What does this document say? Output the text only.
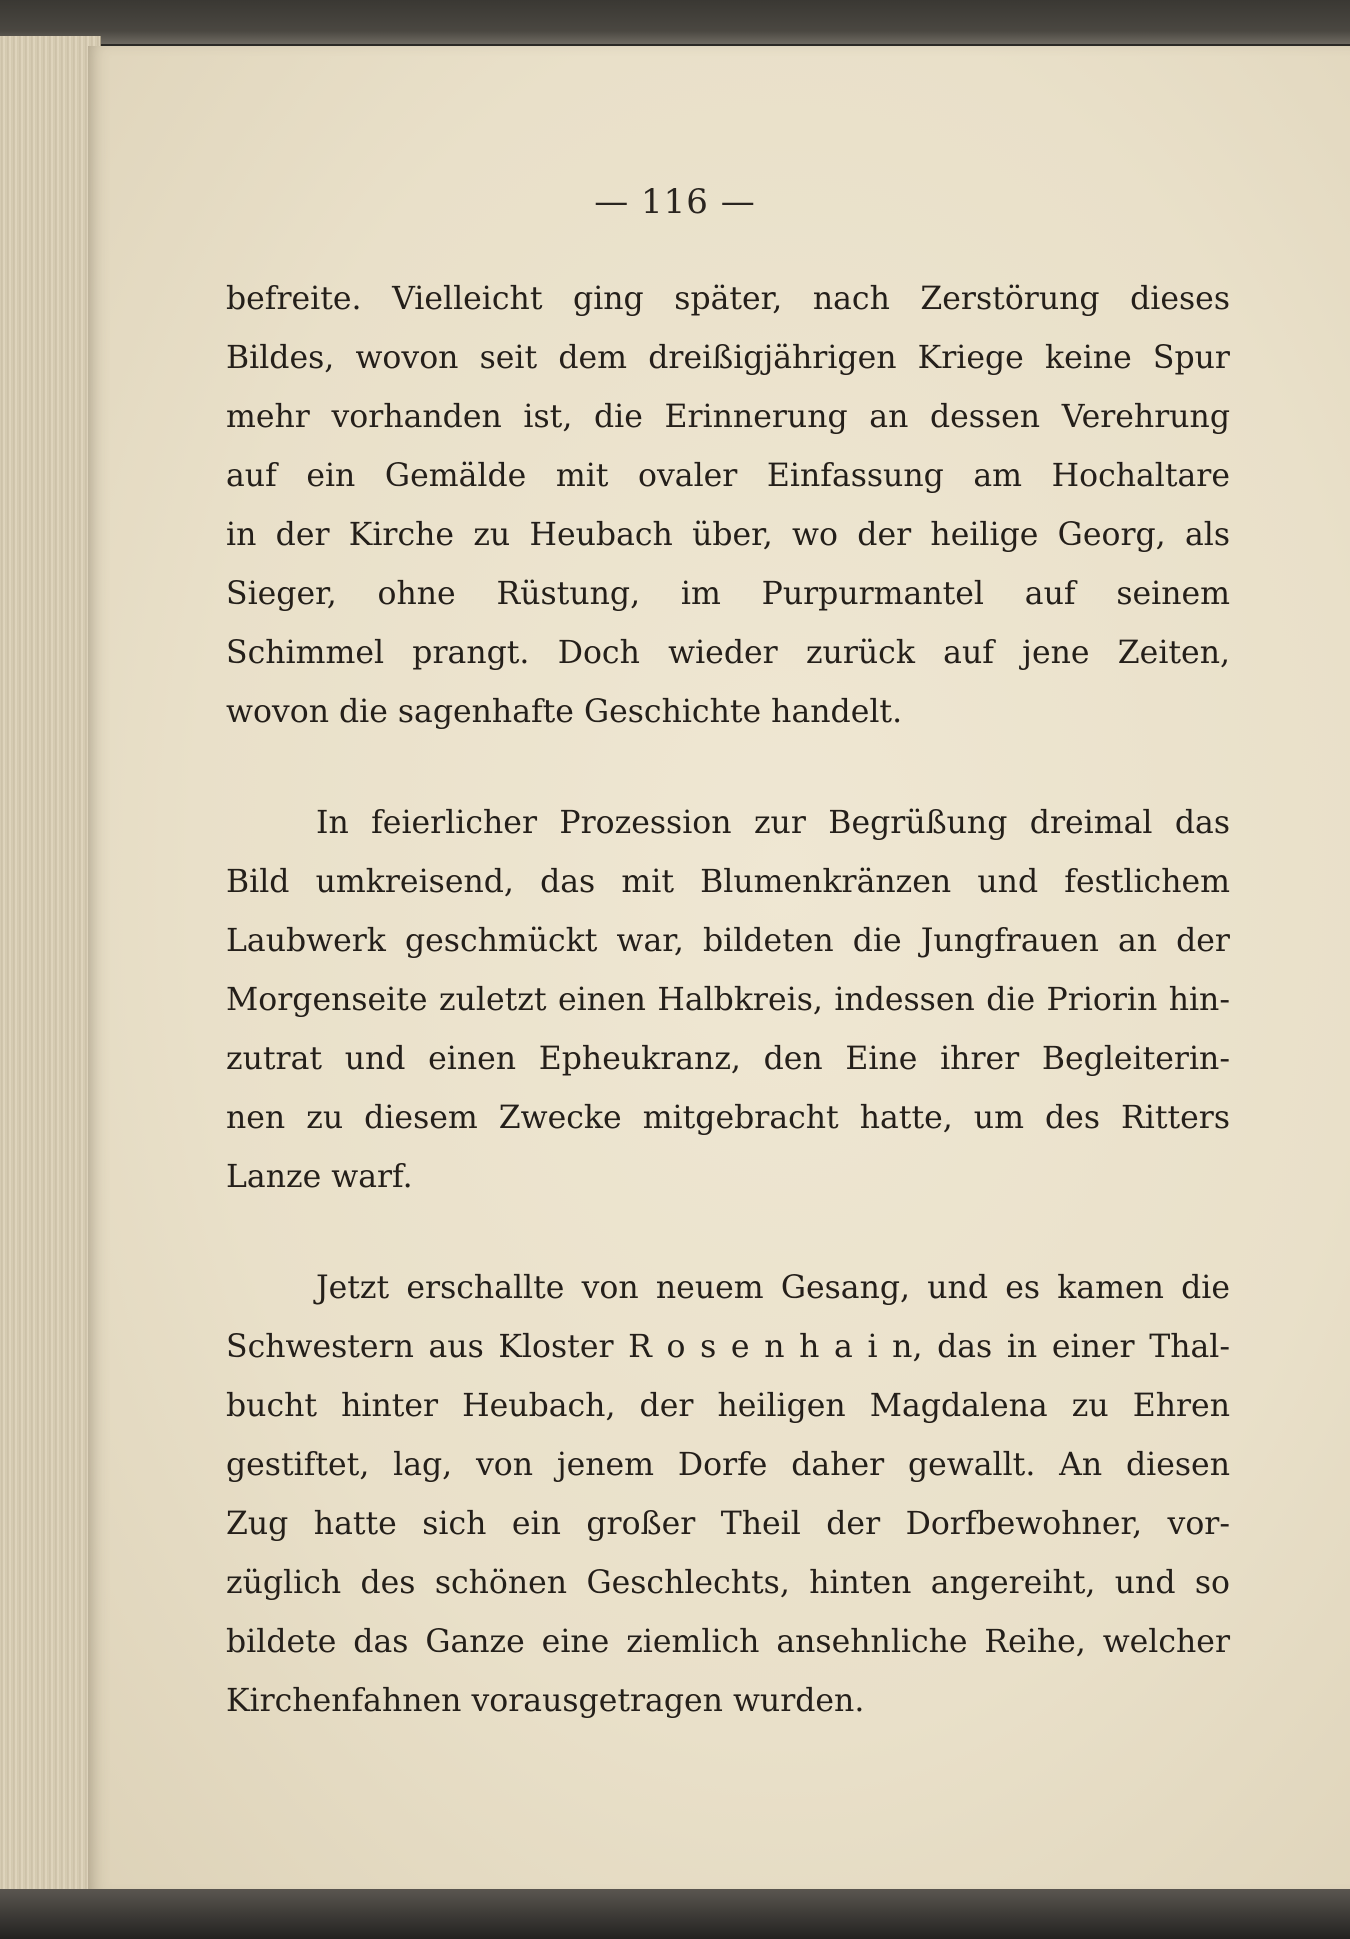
— 116 —
befreite. Vielleicht ging später, nach Zerstörung dieses
Bildes, wovon seit dem dreißigjährigen Kriege keine Spur
mehr vorhanden ist, die Erinnerung an dessen Verehrung
auf ein Gemälde mit ovaler Einfassung am Hochaltare
in der Kirche zu Heubach über, wo der heilige Georg, als
Sieger, ohne Rüstung, im Purpurmantel auf seinem
Schimmel prangt. Doch wieder zurück auf jene Zeiten,
wovon die sagenhafte Geschichte handelt.
In feierlicher Prozession zur Begrüßung dreimal das
Bild umkreisend, das mit Blumenkränzen und festlichem
Laubwerk geschmückt war, bildeten die Jungfrauen an der
Morgenseite zuletzt einen Halbkreis, indessen die Priorin hin-
zutrat und einen Epheukranz, den Eine ihrer Begleiterin-
nen zu diesem Zwecke mitgebracht hatte, um des Ritters
Lanze warf.
Jetzt erschallte von neuem Gesang, und es kamen die
Schwestern aus Kloster R o s e n h a i n, das in einer Thal-
bucht hinter Heubach, der heiligen Magdalena zu Ehren
gestiftet, lag, von jenem Dorfe daher gewallt. An diesen
Zug hatte sich ein großer Theil der Dorfbewohner, vor-
züglich des schönen Geschlechts, hinten angereiht, und so
bildete das Ganze eine ziemlich ansehnliche Reihe, welcher
Kirchenfahnen vorausgetragen wurden.
